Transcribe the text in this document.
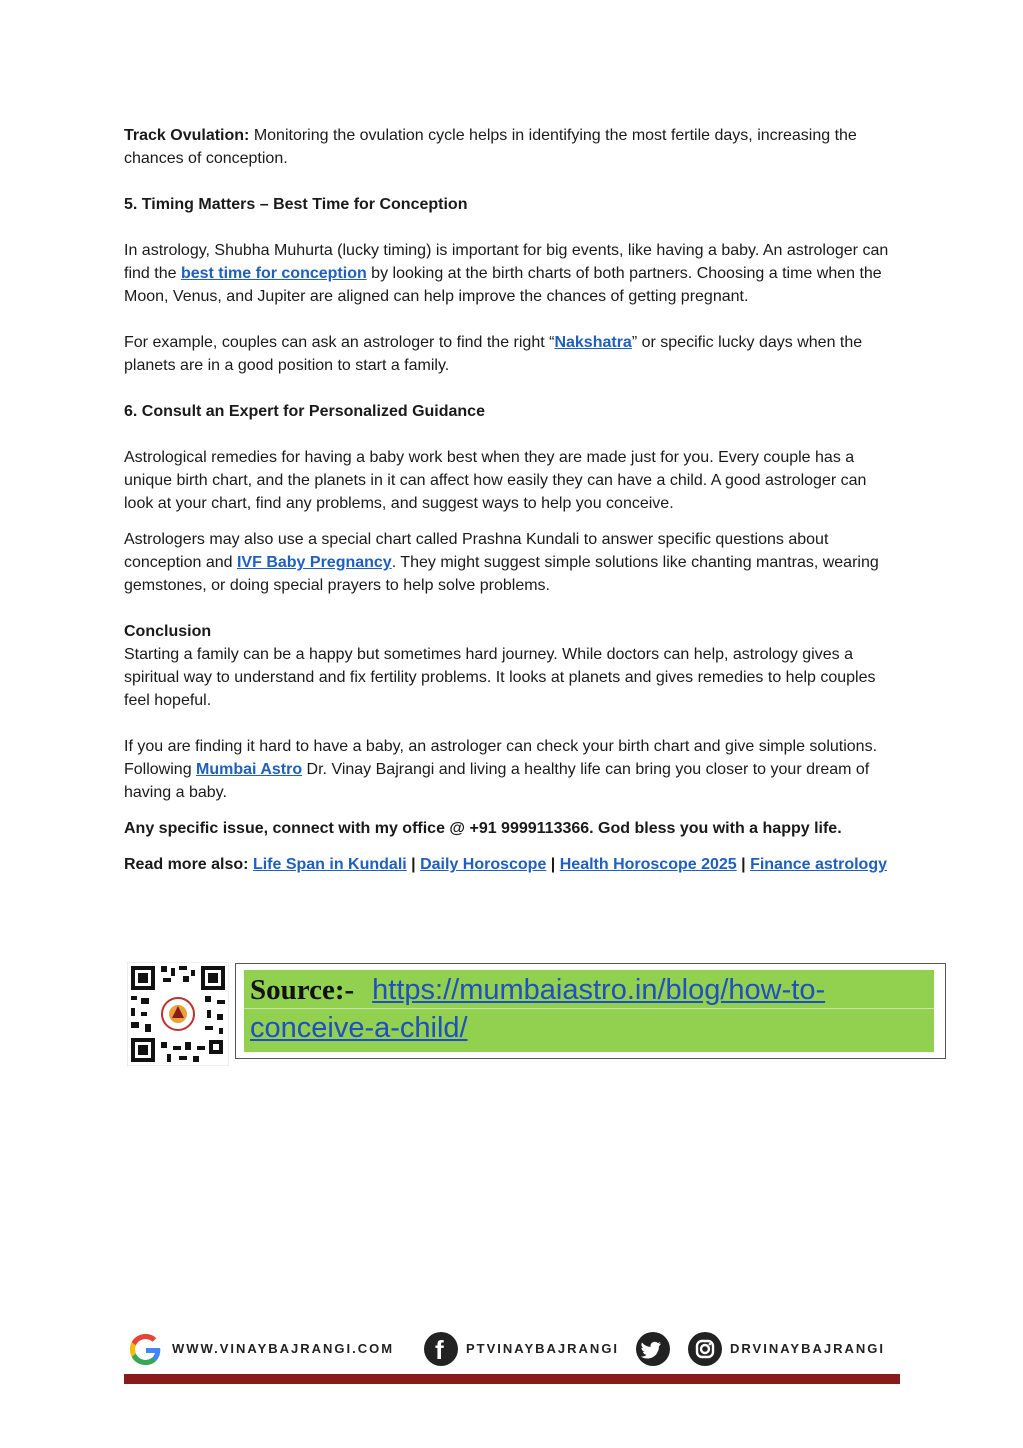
Track Ovulation: Monitoring the ovulation cycle helps in identifying the most fertile days, increasing the chances of conception.

5. Timing Matters – Best Time for Conception

In astrology, Shubha Muhurta (lucky timing) is important for big events, like having a baby. An astrologer can find the best time for conception by looking at the birth charts of both partners. Choosing a time when the Moon, Venus, and Jupiter are aligned can help improve the chances of getting pregnant.

For example, couples can ask an astrologer to find the right “Nakshatra” or specific lucky days when the planets are in a good position to start a family.

6. Consult an Expert for Personalized Guidance

Astrological remedies for having a baby work best when they are made just for you. Every couple has a unique birth chart, and the planets in it can affect how easily they can have a child. A good astrologer can look at your chart, find any problems, and suggest ways to help you conceive.

Astrologers may also use a special chart called Prashna Kundali to answer specific questions about conception and IVF Baby Pregnancy. They might suggest simple solutions like chanting mantras, wearing gemstones, or doing special prayers to help solve problems.

Conclusion

Starting a family can be a happy but sometimes hard journey. While doctors can help, astrology gives a spiritual way to understand and fix fertility problems. It looks at planets and gives remedies to help couples feel hopeful.

If you are finding it hard to have a baby, an astrologer can check your birth chart and give simple solutions. Following Mumbai Astro Dr. Vinay Bajrangi and living a healthy life can bring you closer to your dream of having a baby.

Any specific issue, connect with my office @ +91 9999113366. God bless you with a happy life.

Read more also: Life Span in Kundali | Daily Horoscope | Health Horoscope 2025 | Finance astrology

Source:- https://mumbaiastro.in/blog/how-to-
conceive-a-child/
WWW.VINAYBAJRANGI.COM f PTVINAYBAJRANGI	DRVINAYBAJRANGI
